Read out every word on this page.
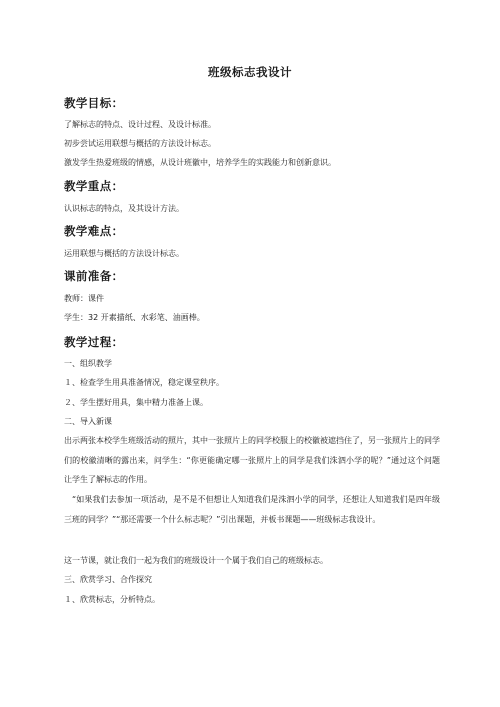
班级标志我设计
教学目标：
了解标志的特点、设计过程、及设计标准。
初步尝试运用联想与概括的方法设计标志。
激发学生热爱班级的情感，从设计班徽中，培养学生的实践能力和创新意识。
教学重点：
认识标志的特点，及其设计方法。
教学难点：
运用联想与概括的方法设计标志。
课前准备：
教师：课件
学生：32 开素描纸、水彩笔、油画棒。
教学过程：
一、组织教学
１、检查学生用具准备情况，稳定课堂秩序。
２、学生摆好用具，集中精力准备上课。
二、导入新课
出示两张本校学生班级活动的照片，其中一张照片上的同学校服上的校徽被遮挡住了，另一张照片上的同学们的校徽清晰的露出来，问学生：“你更能确定哪一张照片上的同学是我们洙泗小学的呢？”通过这个问题让学生了解标志的作用。
“如果我们去参加一项活动，是不是不但想让人知道我们是洙泗小学的同学，还想让人知道我们是四年级三班的同学？”“那还需要一个什么标志呢？”引出课题，并板书课题——班级标志我设计。
这一节课，就让我们一起为我们的班级设计一个属于我们自己的班级标志。
三、欣赏学习、合作探究
１、欣赏标志，分析特点。
